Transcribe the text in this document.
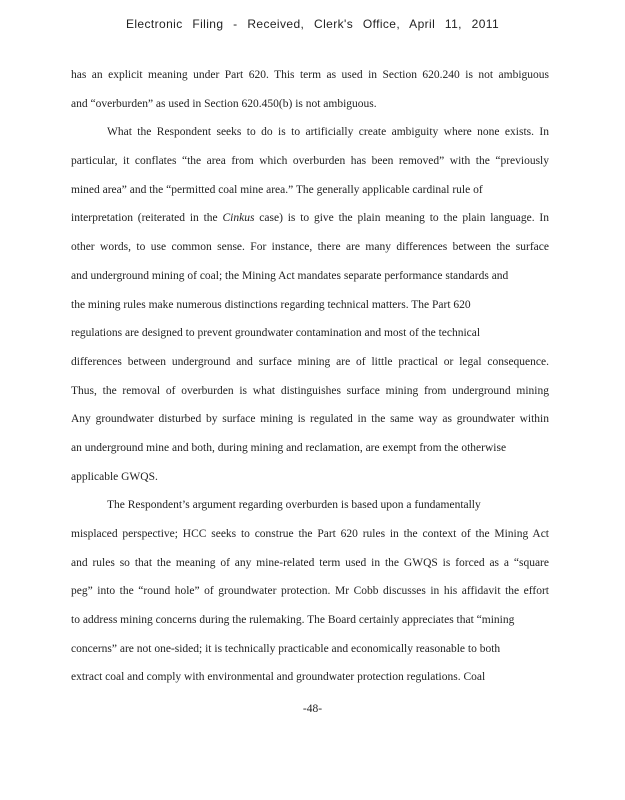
Electronic Filing - Received, Clerk's Office, April 11, 2011
has an explicit meaning under Part 620. This term as used in Section 620.240 is not ambiguous
and “overburden” as used in Section 620.450(b) is not ambiguous.
What the Respondent seeks to do is to artificially create ambiguity where none exists. In
particular, it conflates “the area from which overburden has been removed” with the “previously
mined area” and the “permitted coal mine area.” The generally applicable cardinal rule of
interpretation (reiterated in the Cinkus case) is to give the plain meaning to the plain language. In
other words, to use common sense. For instance, there are many differences between the surface
and underground mining of coal; the Mining Act mandates separate performance standards and
the mining rules make numerous distinctions regarding technical matters. The Part 620
regulations are designed to prevent groundwater contamination and most of the technical
differences between underground and surface mining are of little practical or legal consequence.
Thus, the removal of overburden is what distinguishes surface mining from underground mining
Any groundwater disturbed by surface mining is regulated in the same way as groundwater within
an underground mine and both, during mining and reclamation, are exempt from the otherwise
applicable GWQS.
The Respondent’s argument regarding overburden is based upon a fundamentally
misplaced perspective; HCC seeks to construe the Part 620 rules in the context of the Mining Act
and rules so that the meaning of any mine-related term used in the GWQS is forced as a “square
peg” into the “round hole” of groundwater protection. Mr Cobb discusses in his affidavit the effort
to address mining concerns during the rulemaking. The Board certainly appreciates that “mining
concerns” are not one-sided; it is technically practicable and economically reasonable to both
extract coal and comply with environmental and groundwater protection regulations. Coal
-48-
